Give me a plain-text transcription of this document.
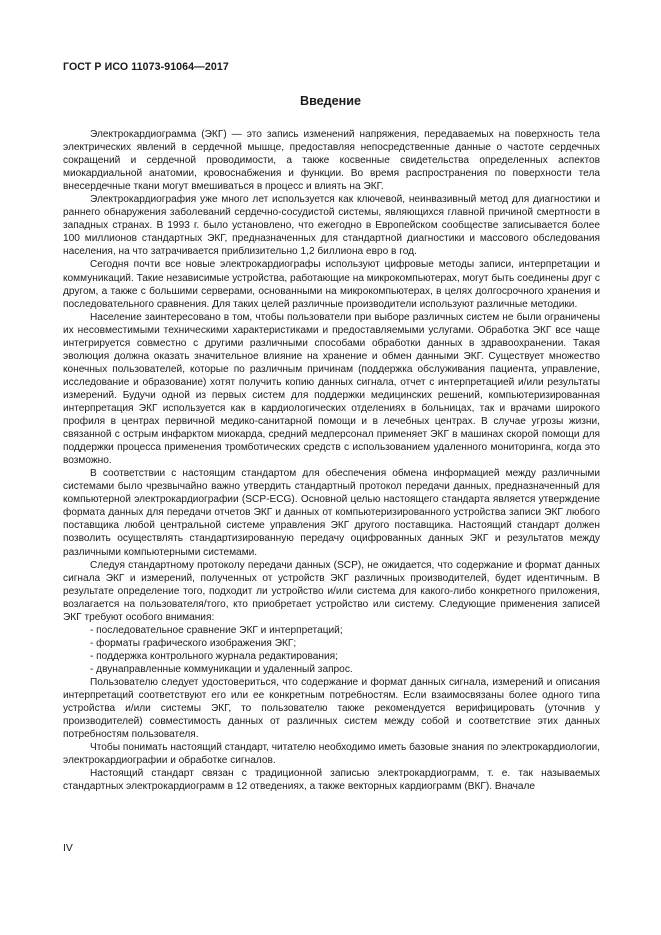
ГОСТ Р ИСО 11073-91064—2017
Введение

Электрокардиограмма (ЭКГ) — это запись изменений напряжения, передаваемых на поверхность тела электрических явлений в сердечной мышце, предоставляя непосредственные данные о частоте сердечных сокращений и сердечной проводимости, а также косвенные свидетельства определенных аспектов миокардиальной анатомии, кровоснабжения и функции. Во время распространения по поверхности тела внесердечные ткани могут вмешиваться в процесс и влиять на ЭКГ.

Электрокардиография уже много лет используется как ключевой, неинвазивный метод для диагностики и раннего обнаружения заболеваний сердечно-сосудистой системы, являющихся главной причиной смертности в западных странах. В 1993 г. было установлено, что ежегодно в Европейском сообществе записывается более 100 миллионов стандартных ЭКГ, предназначенных для стандартной диагностики и массового обследования населения, на что затрачивается приблизительно 1,2 биллиона евро в год.

Сегодня почти все новые электрокардиографы используют цифровые методы записи, интерпретации и коммуникаций. Такие независимые устройства, работающие на микрокомпьютерах, могут быть соединены друг с другом, а также с большими серверами, основанными на микрокомпьютерах, в целях долгосрочного хранения и последовательного сравнения. Для таких целей различные производители используют различные методики.

Население заинтересовано в том, чтобы пользователи при выборе различных систем не были ограничены их несовместимыми техническими характеристиками и предоставляемыми услугами. Обработка ЭКГ все чаще интегрируется совместно с другими различными способами обработки данных в здравоохранении. Такая эволюция должна оказать значительное влияние на хранение и обмен данными ЭКГ. Существует множество конечных пользователей, которые по различным причинам (поддержка обслуживания пациента, управление, исследование и образование) хотят получить копию данных сигнала, отчет с интерпретацией и/или результаты измерений. Будучи одной из первых систем для поддержки медицинских решений, компьютеризированная интерпретация ЭКГ используется как в кардиологических отделениях в больницах, так и врачами широкого профиля в центрах первичной медико-санитарной помощи и в лечебных центрах. В случае угрозы жизни, связанной с острым инфарктом миокарда, средний медперсонал применяет ЭКГ в машинах скорой помощи для поддержки процесса применения тромботических средств с использованием удаленного мониторинга, когда это возможно.

В соответствии с настоящим стандартом для обеспечения обмена информацией между различными системами было чрезвычайно важно утвердить стандартный протокол передачи данных, предназначенный для компьютерной электрокардиографии (SCP-ECG). Основной целью настоящего стандарта является утверждение формата данных для передачи отчетов ЭКГ и данных от компьютеризированного устройства записи ЭКГ любого поставщика любой центральной системе управления ЭКГ другого поставщика. Настоящий стандарт должен позволить осуществлять стандартизированную передачу оцифрованных данных ЭКГ и результатов между различными компьютерными системами.

Следуя стандартному протоколу передачи данных (SCP), не ожидается, что содержание и формат данных сигнала ЭКГ и измерений, полученных от устройств ЭКГ различных производителей, будет идентичным. В результате определение того, подходит ли устройство и/или система для какого-либо конкретного приложения, возлагается на пользователя/того, кто приобретает устройство или систему. Следующие применения записей ЭКГ требуют особого внимания:

- последовательное сравнение ЭКГ и интерпретаций;
- форматы графического изображения ЭКГ;
- поддержка контрольного журнала редактирования;
- двунаправленные коммуникации и удаленный запрос.

Пользователю следует удостовериться, что содержание и формат данных сигнала, измерений и описания интерпретаций соответствуют его или ее конкретным потребностям. Если взаимосвязаны более одного типа устройства и/или системы ЭКГ, то пользователю также рекомендуется верифицировать (уточнив у производителей) совместимость данных от различных систем между собой и соответствие этих данных потребностям пользователя.

Чтобы понимать настоящий стандарт, читателю необходимо иметь базовые знания по электрокардиологии, электрокардиографии и обработке сигналов.

Настоящий стандарт связан с традиционной записью электрокардиограмм, т. е. так называемых стандартных электрокардиограмм в 12 отведениях, а также векторных кардиограмм (ВКГ). Вначале

IV
